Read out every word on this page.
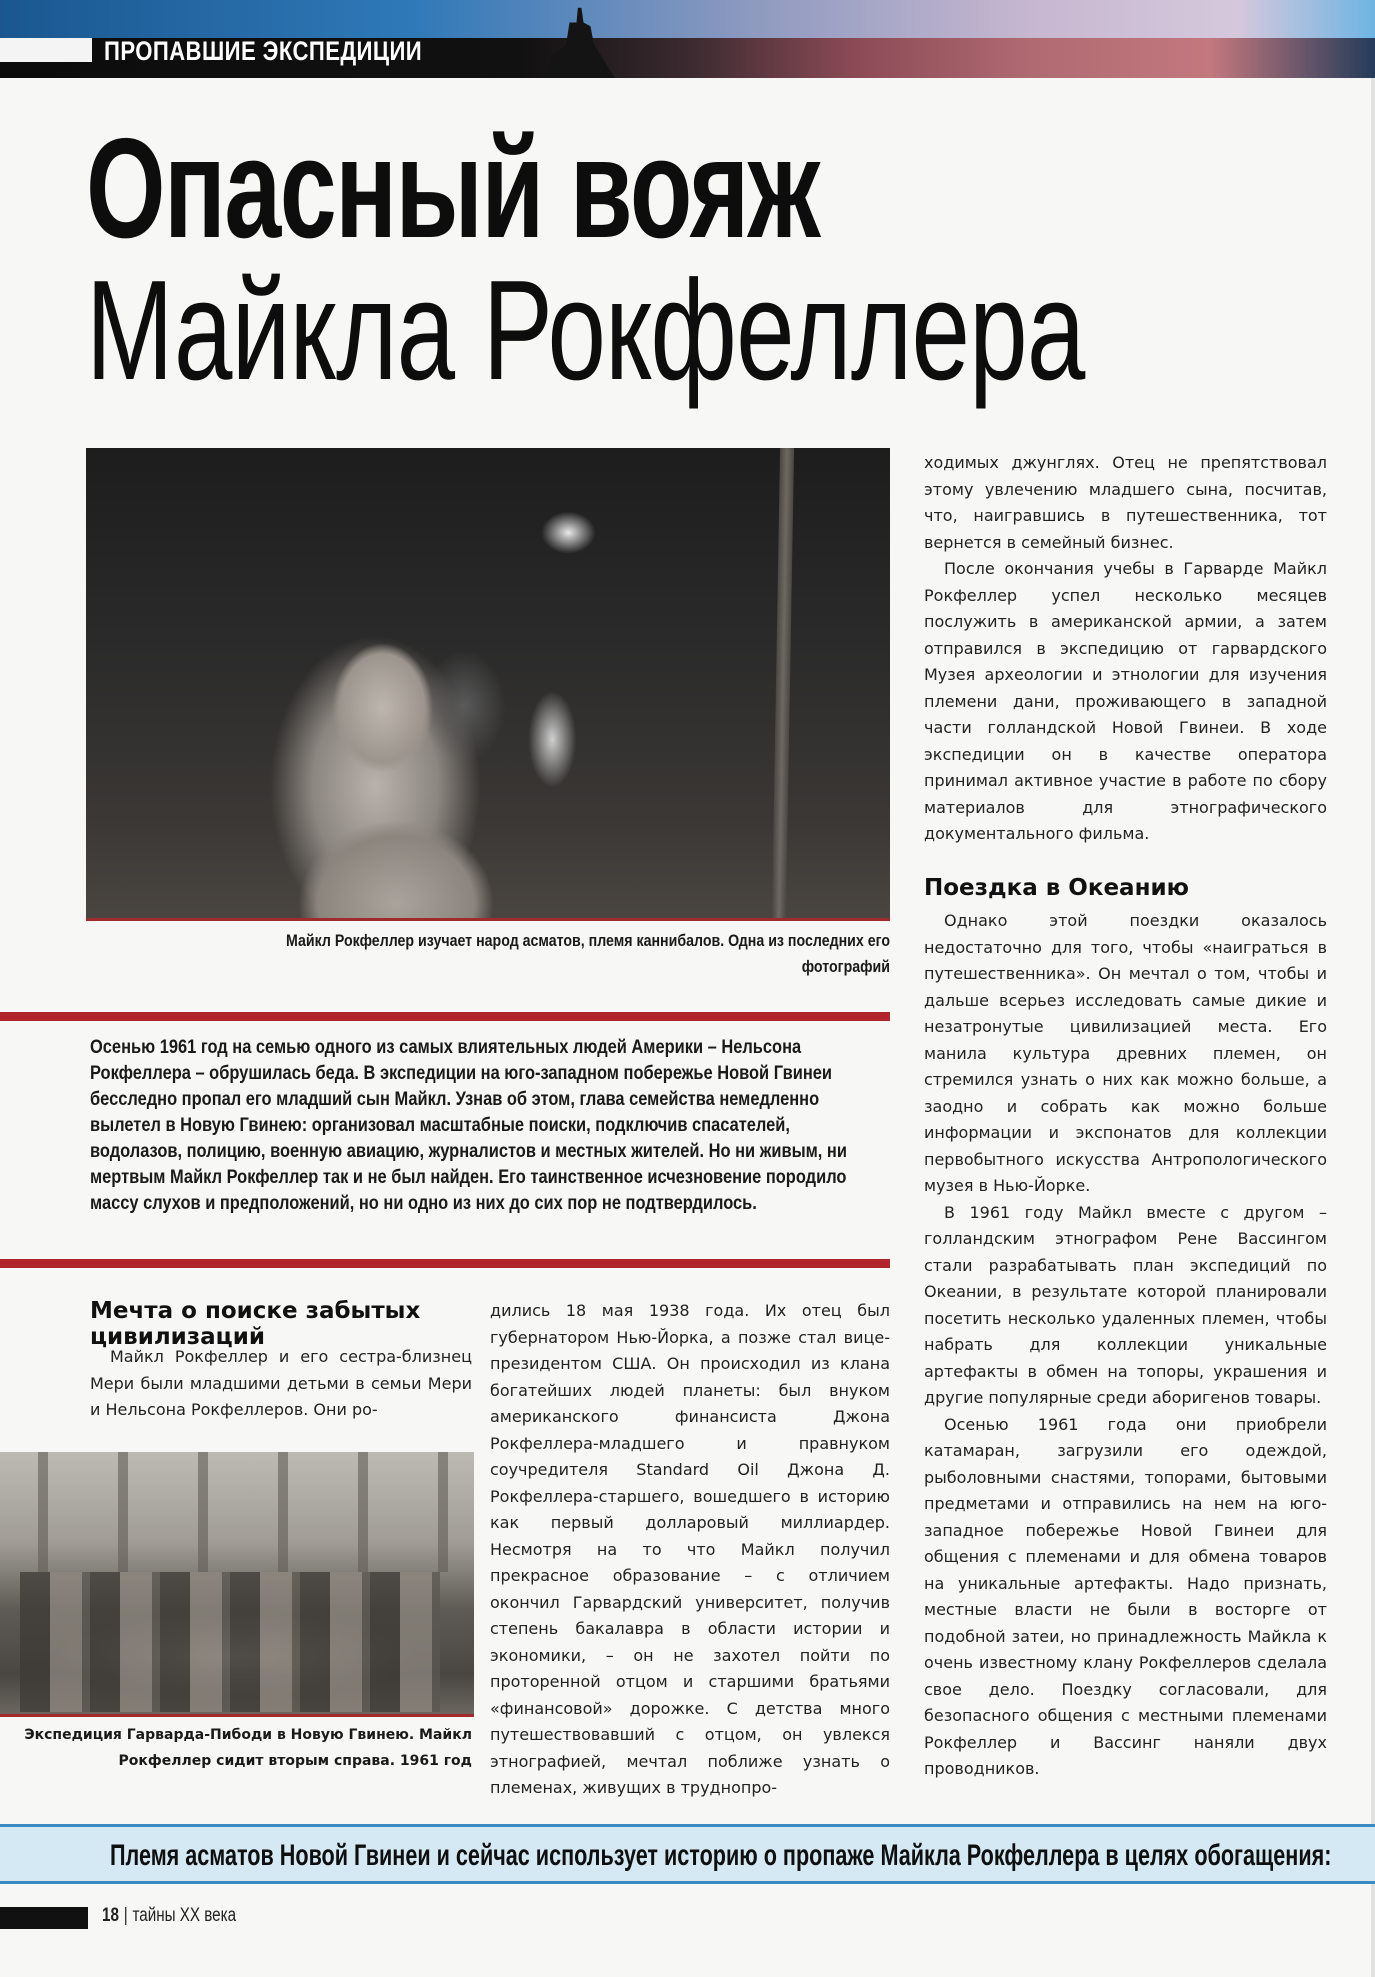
ПРОПАВШИЕ ЭКСПЕДИЦИИ
Опасный вояж
Майкла Рокфеллера
Майкл Рокфеллер изучает народ асматов, племя каннибалов. Одна из последних его фотографий
Осенью 1961 год на семью одного из самых влиятельных людей Америки – Нельсона Рокфеллера – обрушилась беда. В экспедиции на юго-западном побережье Новой Гвинеи бесследно пропал его младший сын Майкл. Узнав об этом, глава семейства немедленно вылетел в Новую Гвинею: организовал масштабные поиски, подключив спасателей, водолазов, полицию, военную авиацию, журналистов и местных жителей. Но ни живым, ни мертвым Майкл Рокфеллер так и не был найден. Его таинственное исчезновение породило массу слухов и предположений, но ни одно из них до сих пор не подтвердилось.
Мечта о поиске забытых цивилизаций

Майкл Рокфеллер и его сестра-близнец Мери были младшими детьми в семьи Мери и Нельсона Рокфеллеров. Они ро-

Экспедиция Гарварда-Пибоди в Новую Гвинею. Майкл Рокфеллер сидит вторым справа. 1961 год

дились 18 мая 1938 года. Их отец был губернатором Нью-Йорка, а позже стал вице-президентом США. Он происходил из клана богатейших людей планеты: был внуком американского финансиста Джона Рокфеллера-младшего и правнуком соучредителя Standard Oil Джона Д. Рокфеллера-старшего, вошедшего в историю как первый долларовый миллиардер. Несмотря на то что Майкл получил прекрасное образование – с отличием окончил Гарвардский университет, получив степень бакалавра в области истории и экономики, – он не захотел пойти по проторенной отцом и старшими братьями «финансовой» дорожке. С детства много путешествовавший с отцом, он увлекся этнографией, мечтал поближе узнать о племенах, живущих в труднопро-

ходимых джунглях. Отец не препятствовал этому увлечению младшего сына, посчитав, что, наигравшись в путешественника, тот вернется в семейный бизнес.

После окончания учебы в Гарварде Майкл Рокфеллер успел несколько месяцев послужить в американской армии, а затем отправился в экспедицию от гарвардского Музея археологии и этнологии для изучения племени дани, проживающего в западной части голландской Новой Гвинеи. В ходе экспедиции он в качестве оператора принимал активное участие в работе по сбору материалов для этнографического документального фильма.

Поездка в Океанию

Однако этой поездки оказалось недостаточно для того, чтобы «наиграться в путешественника». Он мечтал о том, чтобы и дальше всерьез исследовать самые дикие и незатронутые цивилизацией места. Его манила культура древних племен, он стремился узнать о них как можно больше, а заодно и собрать как можно больше информации и экспонатов для коллекции первобытного искусства Антропологического музея в Нью-Йорке.

В 1961 году Майкл вместе с другом – голландским этнографом Рене Вассингом стали разрабатывать план экспедиций по Океании, в результате которой планировали посетить несколько удаленных племен, чтобы набрать для коллекции уникальные артефакты в обмен на топоры, украшения и другие популярные среди аборигенов товары.

Осенью 1961 года они приобрели катамаран, загрузили его одеждой, рыболовными снастями, топорами, бытовыми предметами и отправились на нем на юго-западное побережье Новой Гвинеи для общения с племенами и для обмена товаров на уникальные артефакты. Надо признать, местные власти не были в восторге от подобной затеи, но принадлежность Майкла к очень известному клану Рокфеллеров сделала свое дело. Поездку согласовали, для безопасного общения с местными племенами Рокфеллер и Вассинг наняли двух проводников.

Племя асматов Новой Гвинеи и сейчас использует историю о пропаже Майкла Рокфеллера в целях обогащения:
18 | тайны XX века
